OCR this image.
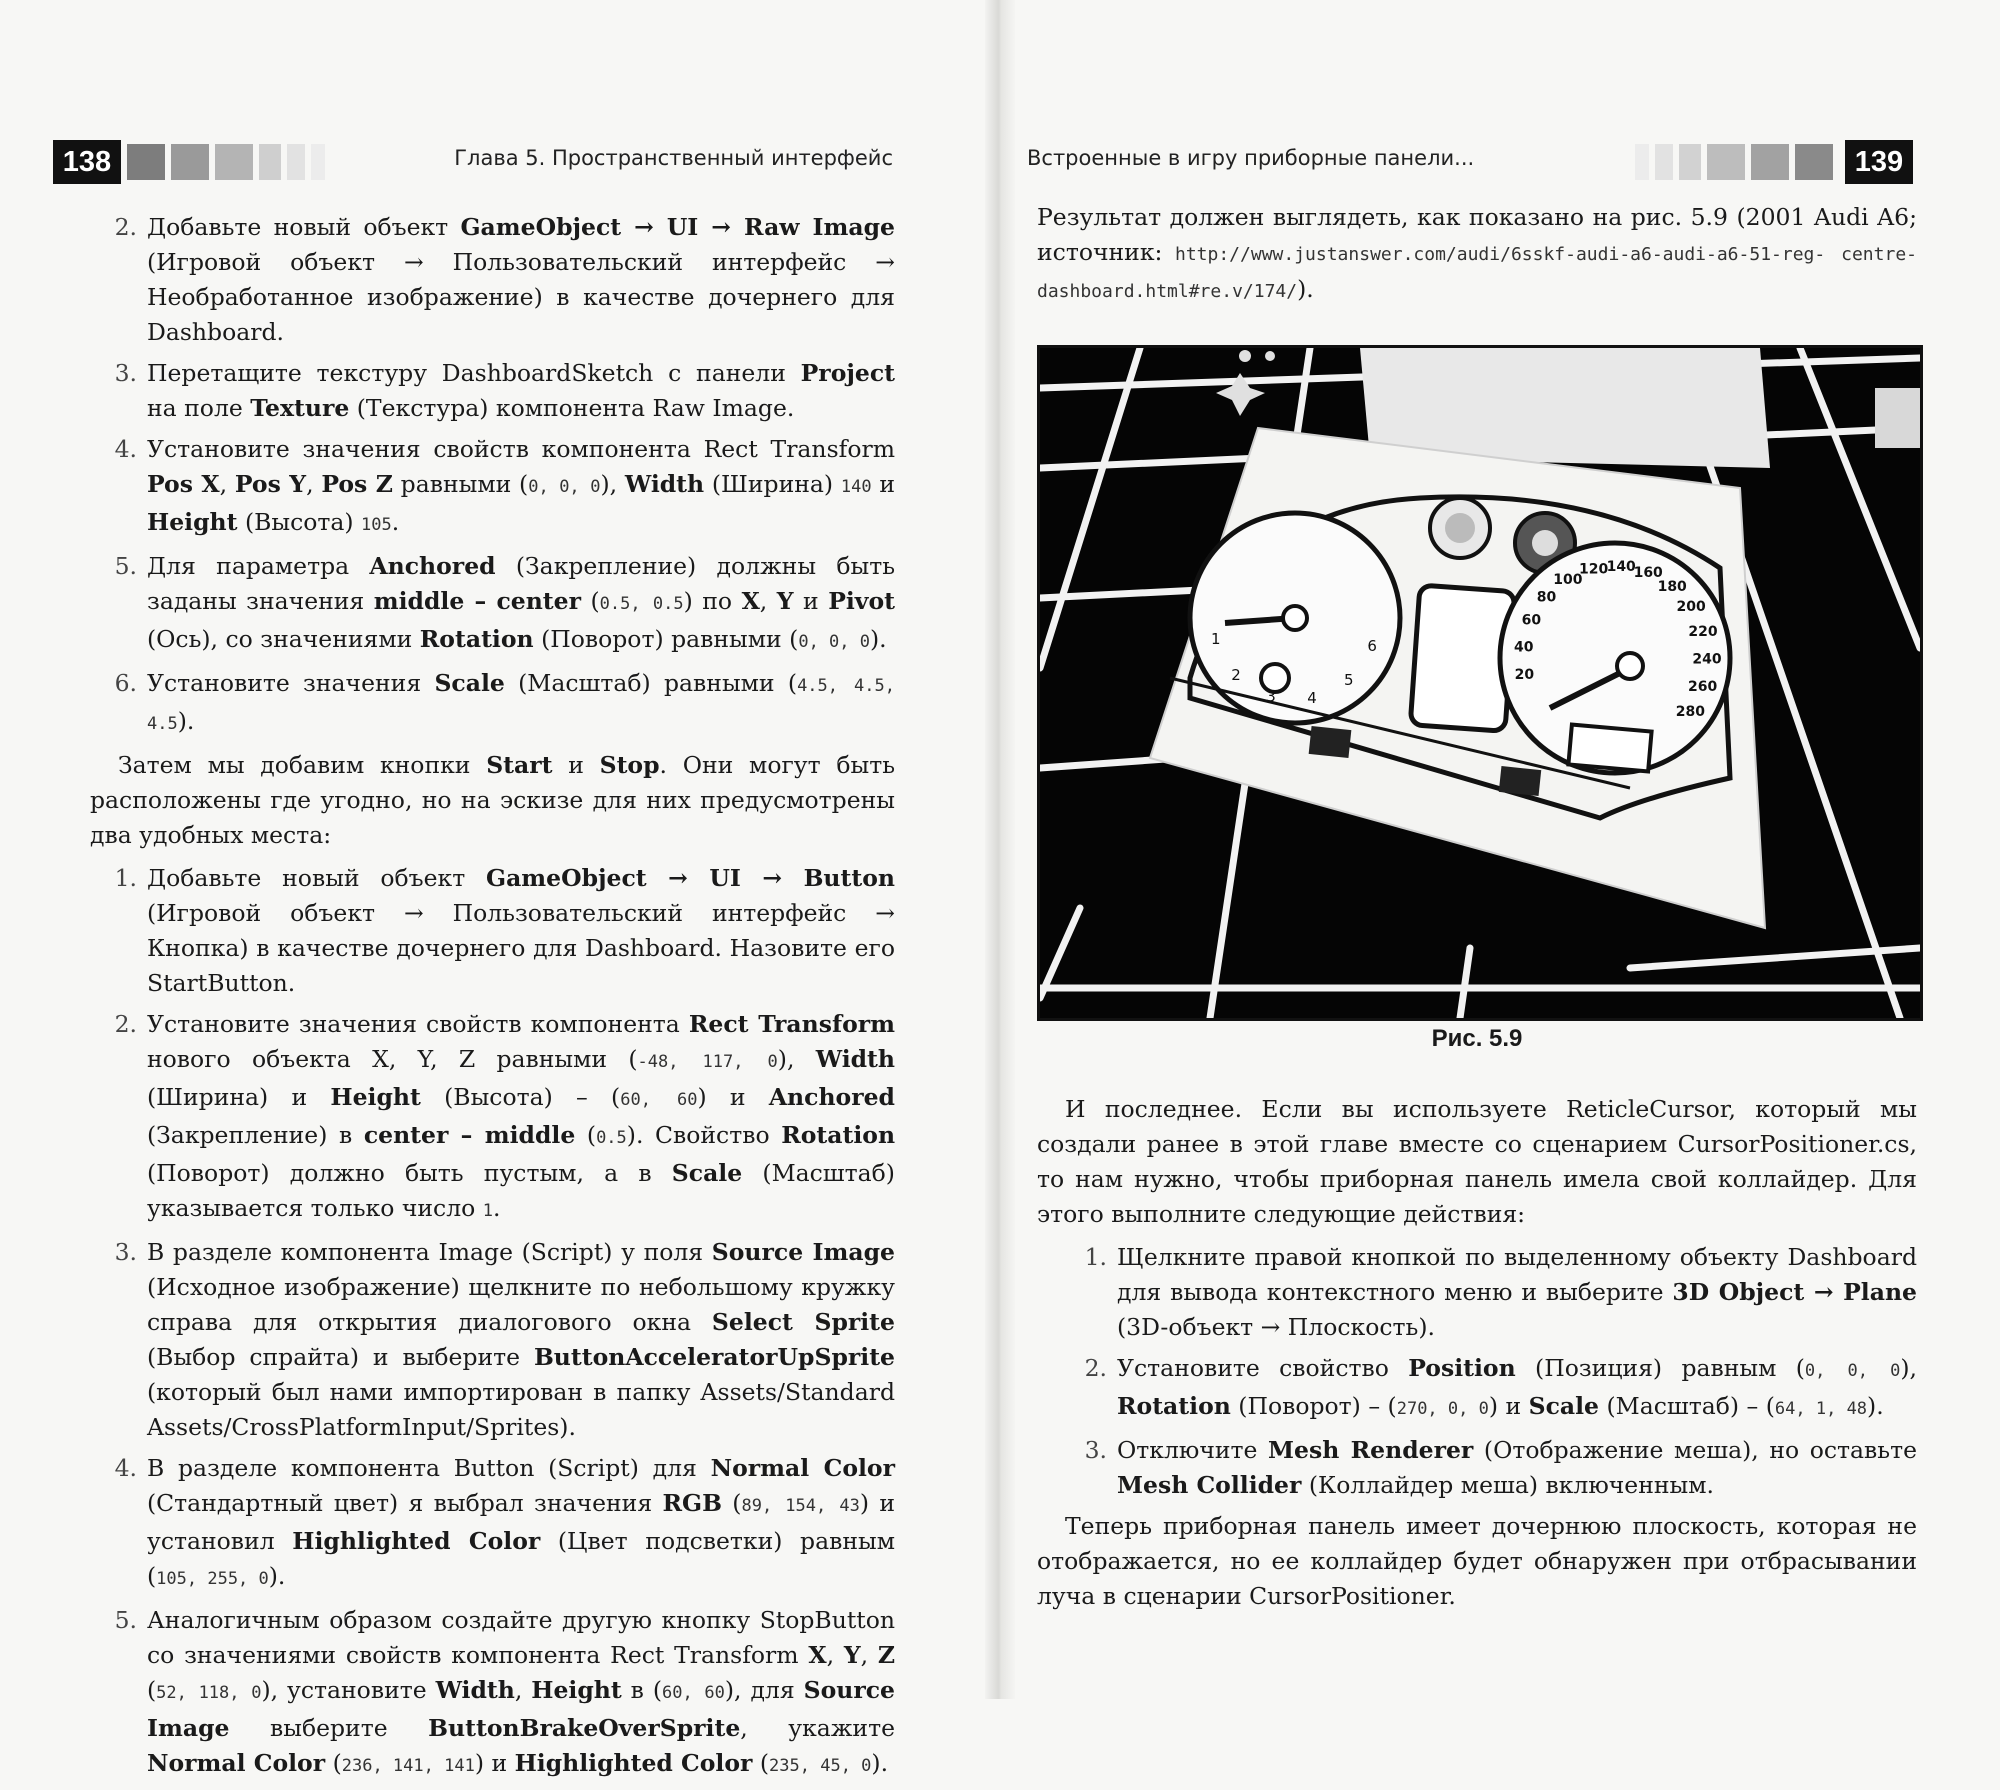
138	Глава 5. Пространственный интерфейс
2. Добавьте новый объект GameObject → UI → Raw Image (Игровой объект → Пользовательский интерфейс → Необработанное изображение) в качестве дочернего для Dashboard.
3. Перетащите текстуру DashboardSketch с панели Project на поле Texture (Текстура) компонента Raw Image.
4. Установите значения свойств компонента Rect Transform Pos X, Pos Y, Pos Z равными (0, 0, 0), Width (Ширина) 140 и Height (Высота) 105.
5. Для параметра Anchored (Закрепление) должны быть заданы значения middle – center (0.5, 0.5) по X, Y и Pivot (Ось), со значениями Rotation (Поворот) равными (0, 0, 0).
6. Установите значения Scale (Масштаб) равными (4.5, 4.5, 4.5).
Затем мы добавим кнопки Start и Stop. Они могут быть расположены где угодно, но на эскизе для них предусмотрены два удобных места:
1. Добавьте новый объект GameObject → UI → Button (Игровой объект → Пользовательский интерфейс → Кнопка) в качестве дочернего для Dashboard. Назовите его StartButton.
2. Установите значения свойств компонента Rect Transform нового объекта X, Y, Z равными (-48, 117, 0), Width (Ширина) и Height (Высота) – (60, 60) и Anchored (Закрепление) в center – middle (0.5). Свойство Rotation (Поворот) должно быть пустым, а в Scale (Масштаб) указывается только число 1.
3. В разделе компонента Image (Script) у поля Source Image (Исходное изображение) щелкните по небольшому кружку справа для открытия диалогового окна Select Sprite (Выбор спрайта) и выберите ButtonAcceleratorUpSprite (который был нами импортирован в папку Assets/Standard Assets/CrossPlatformInput/Sprites).
4. В разделе компонента Button (Script) для Normal Color (Стандартный цвет) я выбрал значения RGB (89, 154, 43) и установил Highlighted Color (Цвет подсветки) равным (105, 255, 0).
5. Аналогичным образом создайте другую кнопку StopButton со значениями свойств компонента Rect Transform X, Y, Z (52, 118, 0), установите Width, Height в (60, 60), для Source Image выберите ButtonBrakeOverSprite, укажите Normal Color (236, 141, 141) и Highlighted Color (235, 45, 0).
Встроенные в игру приборные панели...	139
Результат должен выглядеть, как показано на рис. 5.9 (2001 Audi A6; источник: http://www.justanswer.com/audi/6sskf-audi-a6-audi-a6-51-reg- centre-dashboard.html#re.v/174/).
1
2
3 4
5
6
20
40
60
80
100
120
140
160
180
200
220
240
260
280
Рис. 5.9
И последнее. Если вы используете ReticleCursor, который мы создали ранее в этой главе вместе со сценарием CursorPositioner.cs, то нам нужно, чтобы приборная панель имела свой коллайдер. Для этого выполните следующие действия:
1. Щелкните правой кнопкой по выделенному объекту Dashboard для вывода контекстного меню и выберите 3D Object → Plane (3D-объект → Плоскость).
2. Установите свойство Position (Позиция) равным (0, 0, 0), Rotation (Поворот) – (270, 0, 0) и Scale (Масштаб) – (64, 1, 48).
3. Отключите Mesh Renderer (Отображение меша), но оставьте Mesh Collider (Коллайдер меша) включенным.
Теперь приборная панель имеет дочернюю плоскость, которая не отображается, но ее коллайдер будет обнаружен при отбрасывании луча в сценарии CursorPositioner.
